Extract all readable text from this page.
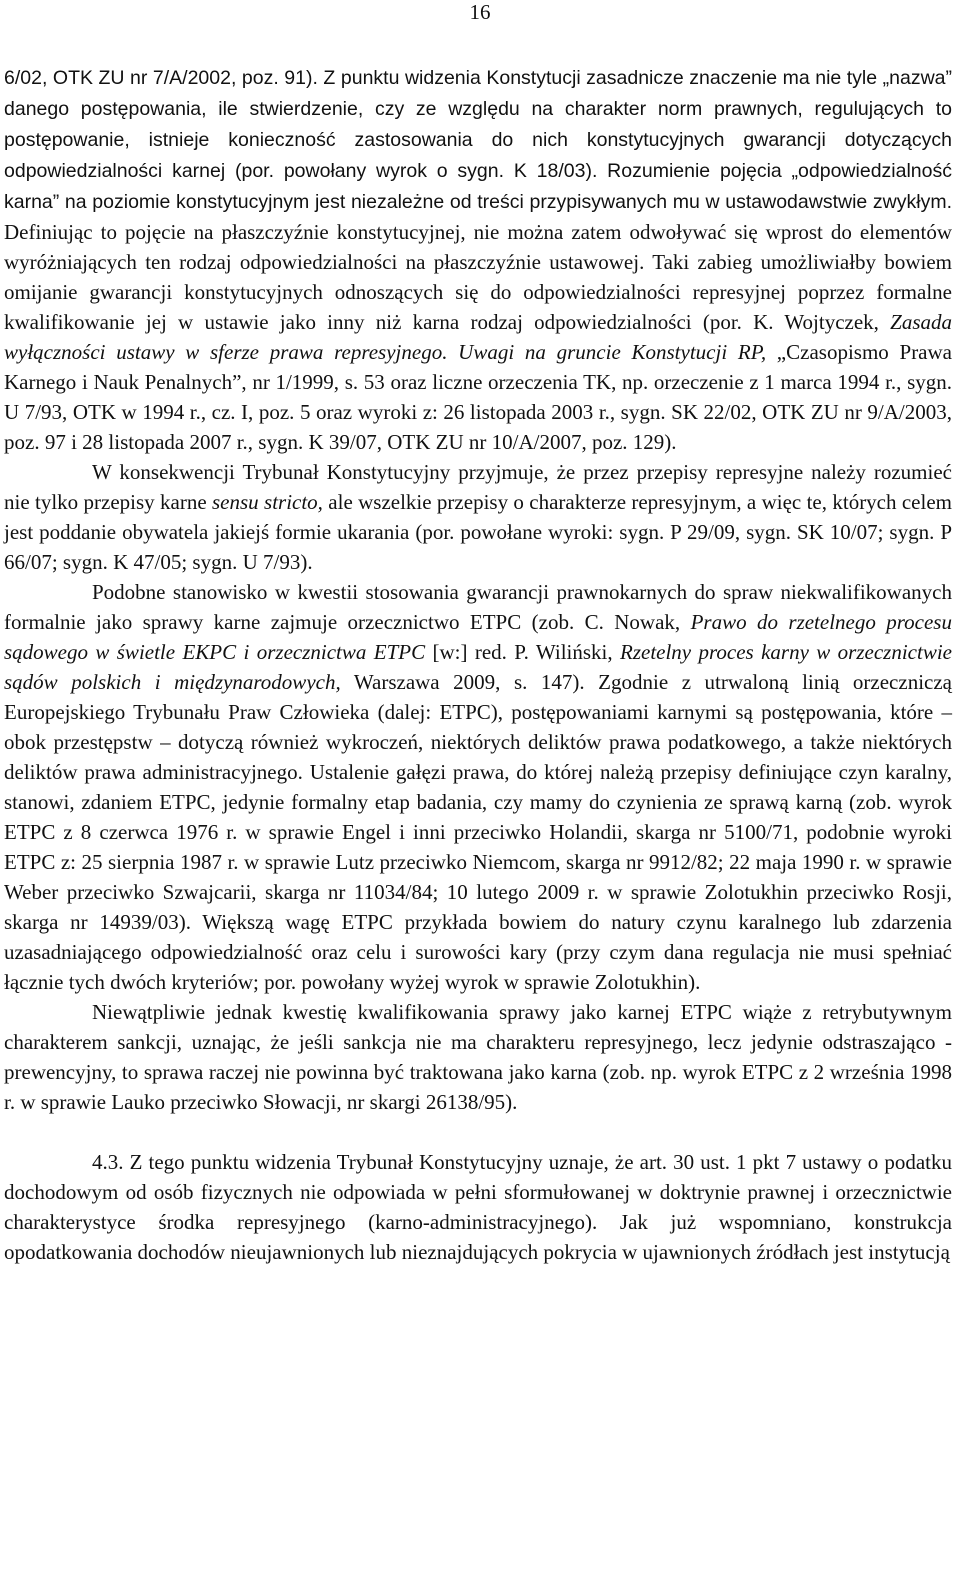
16

6/02, OTK ZU nr 7/A/2002, poz. 91). Z punktu widzenia Konstytucji zasadnicze znaczenie ma nie tyle „nazwa” danego postępowania, ile stwierdzenie, czy ze względu na charakter norm prawnych, regulujących to postępowanie, istnieje konieczność zastosowania do nich konstytucyjnych gwarancji dotyczących odpowiedzialności karnej (por. powołany wyrok o sygn. K 18/03). Rozumienie pojęcia „odpowiedzialność karna” na poziomie konstytucyjnym jest niezależne od treści przypisywanych mu w ustawodawstwie zwykłym. Definiując to pojęcie na płaszczyźnie konstytucyjnej, nie można zatem odwoływać się wprost do elementów wyróżniających ten rodzaj odpowiedzialności na płaszczyźnie ustawowej. Taki zabieg umożliwiałby bowiem omijanie gwarancji konstytucyjnych odnoszących się do odpowiedzialności represyjnej poprzez formalne kwalifikowanie jej w ustawie jako inny niż karna rodzaj odpowiedzialności (por. K. Wojtyczek, Zasada wyłączności ustawy w sferze prawa represyjnego. Uwagi na gruncie Konstytucji RP, „Czasopismo Prawa Karnego i Nauk Penalnych”, nr 1/1999, s. 53 oraz liczne orzeczenia TK, np. orzeczenie z 1 marca 1994 r., sygn. U 7/93, OTK w 1994 r., cz. I, poz. 5 oraz wyroki z: 26 listopada 2003 r., sygn. SK 22/02, OTK ZU nr 9/A/2003, poz. 97 i 28 listopada 2007 r., sygn. K 39/07, OTK ZU nr 10/A/2007, poz. 129).

W konsekwencji Trybunał Konstytucyjny przyjmuje, że przez przepisy represyjne należy rozumieć nie tylko przepisy karne sensu stricto, ale wszelkie przepisy o charakterze represyjnym, a więc te, których celem jest poddanie obywatela jakiejś formie ukarania (por. powołane wyroki: sygn. P 29/09, sygn. SK 10/07; sygn. P 66/07; sygn. K 47/05; sygn. U 7/93).

Podobne stanowisko w kwestii stosowania gwarancji prawnokarnych do spraw niekwalifikowanych formalnie jako sprawy karne zajmuje orzecznictwo ETPC (zob. C. Nowak, Prawo do rzetelnego procesu sądowego w świetle EKPC i orzecznictwa ETPC [w:] red. P. Wiliński, Rzetelny proces karny w orzecznictwie sądów polskich i międzynarodowych, Warszawa 2009, s. 147). Zgodnie z utrwaloną linią orzeczniczą Europejskiego Trybunału Praw Człowieka (dalej: ETPC), postępowaniami karnymi są postępowania, które – obok przestępstw – dotyczą również wykroczeń, niektórych deliktów prawa podatkowego, a także niektórych deliktów prawa administracyjnego. Ustalenie gałęzi prawa, do której należą przepisy definiujące czyn karalny, stanowi, zdaniem ETPC, jedynie formalny etap badania, czy mamy do czynienia ze sprawą karną (zob. wyrok ETPC z 8 czerwca 1976 r. w sprawie Engel i inni przeciwko Holandii, skarga nr 5100/71, podobnie wyroki ETPC z: 25 sierpnia 1987 r. w sprawie Lutz przeciwko Niemcom, skarga nr 9912/82; 22 maja 1990 r. w sprawie Weber przeciwko Szwajcarii, skarga nr 11034/84; 10 lutego 2009 r. w sprawie Zolotukhin przeciwko Rosji, skarga nr 14939/03). Większą wagę ETPC przykłada bowiem do natury czynu karalnego lub zdarzenia uzasadniającego odpowiedzialność oraz celu i surowości kary (przy czym dana regulacja nie musi spełniać łącznie tych dwóch kryteriów; por. powołany wyżej wyrok w sprawie Zolotukhin).

Niewątpliwie jednak kwestię kwalifikowania sprawy jako karnej ETPC wiąże z retrybutywnym charakterem sankcji, uznając, że jeśli sankcja nie ma charakteru represyjnego, lecz jedynie odstraszająco - prewencyjny, to sprawa raczej nie powinna być traktowana jako karna (zob. np. wyrok ETPC z 2 września 1998 r. w sprawie Lauko przeciwko Słowacji, nr skargi 26138/95).

4.3. Z tego punktu widzenia Trybunał Konstytucyjny uznaje, że art. 30 ust. 1 pkt 7 ustawy o podatku dochodowym od osób fizycznych nie odpowiada w pełni sformułowanej w doktrynie prawnej i orzecznictwie charakterystyce środka represyjnego (karno-administracyjnego). Jak już wspomniano, konstrukcja opodatkowania dochodów nieujawnionych lub nieznajdujących pokrycia w ujawnionych źródłach jest instytucją
